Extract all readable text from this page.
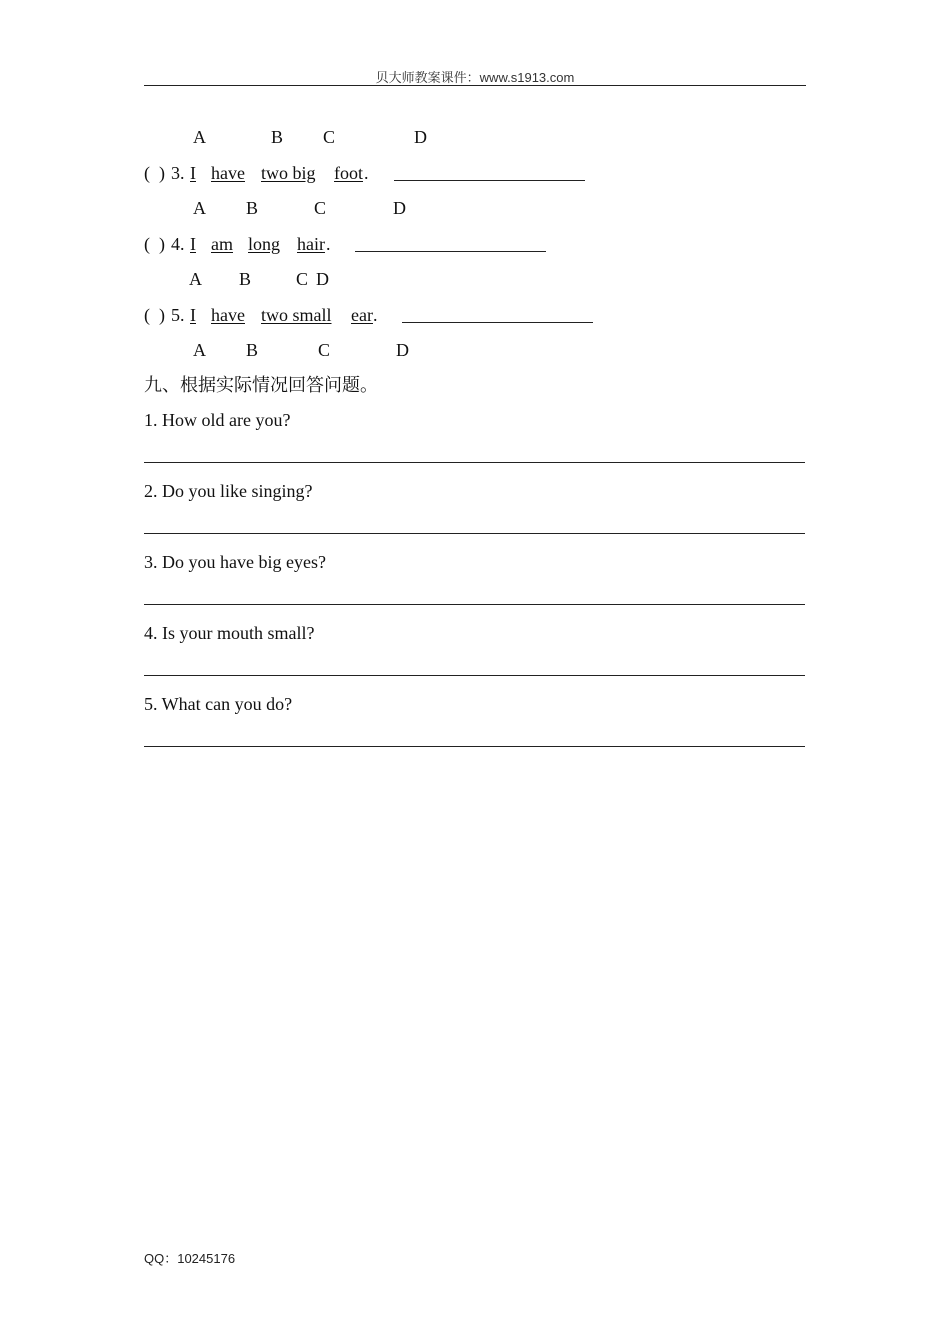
贝大师教案课件：www.s1913.com
A	B C	D
( ) 3. I have two big foot .
A B	C	D
( ) 4. I am long hair .
A B C D
( ) 5. I have two small ear .
A B	C	D
九、根据实际情况回答问题。
1. How old are you?
2. Do you like singing?
3. Do you have big eyes?
4. Is your mouth small?
5. What can you do?
QQ：10245176
